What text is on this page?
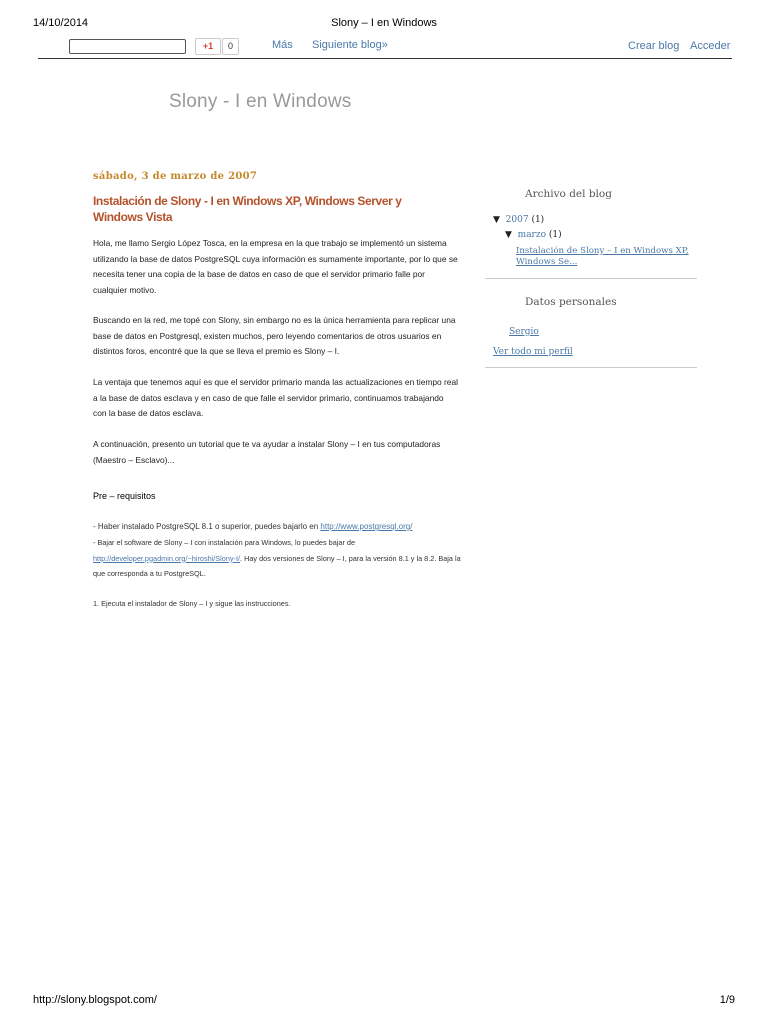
14/10/2014	Slony – I en Windows
+1	0	Más Siguiente blog»	Crear blog Acceder
Slony - I en Windows
sábado, 3 de marzo de 2007
Instalación de Slony - I en Windows XP, Windows Server y Windows Vista
Hola, me llamo Sergio López Tosca, en la empresa en la que trabajo se implementó un sistema utilizando la base de datos PostgreSQL cuya información es sumamente importante, por lo que se necesita tener una copia de la base de datos en caso de que el servidor primario falle por cualquier motivo.
Buscando en la red, me topé con Slony, sin embargo no es la única herramienta para replicar una base de datos en Postgresql, existen muchos, pero leyendo comentarios de otros usuarios en distintos foros, encontré que la que se lleva el premio es Slony – I.
La ventaja que tenemos aquí es que el servidor primario manda las actualizaciones en tiempo real a la base de datos esclava y en caso de que falle el servidor primario, continuamos trabajando con la base de datos esclava.
A continuación, presento un tutorial que te va ayudar a instalar Slony – I en tus computadoras (Maestro – Esclavo)...
Pre – requisitos
- Haber instalado PostgreSQL 8.1 o superior, puedes bajarlo en http://www.postgresql.org/
- Bajar el software de Slony – I con instalación para Windows, lo puedes bajar de http://developer.pgadmin.org/~hiroshi/Slony-I/. Hay dos versiones de Slony – I, para la versión 8.1 y la 8.2. Baja la que corresponda a tu PostgreSQL.
1. Ejecuta el instalador de Slony – I y sigue las instrucciones.
Archivo del blog
▼ 2007 (1)
▼ marzo (1)
Instalación de Slony – I en Windows XP, Windows Se...
Datos personales
Sergio
Ver todo mi perfil
http://slony.blogspot.com/	1/9
